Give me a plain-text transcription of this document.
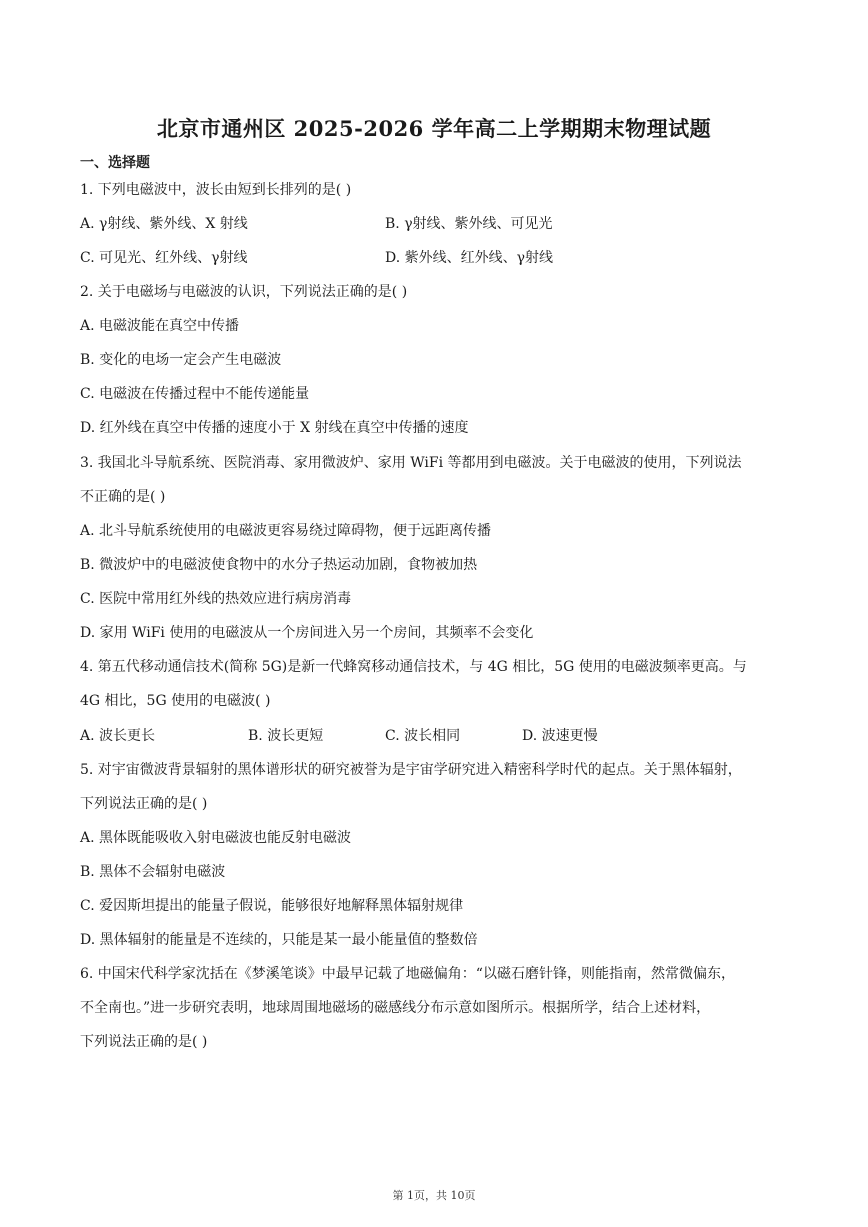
北京市通州区 2025-2026 学年高二上学期期末物理试题
一、选择题
1. 下列电磁波中，波长由短到长排列的是( )
A. γ射线、紫外线、X 射线	B. γ射线、紫外线、可见光
C. 可见光、红外线、γ射线	D. 紫外线、红外线、γ射线
2. 关于电磁场与电磁波的认识，下列说法正确的是( )
A. 电磁波能在真空中传播
B. 变化的电场一定会产生电磁波
C. 电磁波在传播过程中不能传递能量
D. 红外线在真空中传播的速度小于 X 射线在真空中传播的速度
3. 我国北斗导航系统、医院消毒、家用微波炉、家用 WiFi 等都用到电磁波。关于电磁波的使用，下列说法
不正确的是( )
A. 北斗导航系统使用的电磁波更容易绕过障碍物，便于远距离传播
B. 微波炉中的电磁波使食物中的水分子热运动加剧，食物被加热
C. 医院中常用红外线的热效应进行病房消毒
D. 家用 WiFi 使用的电磁波从一个房间进入另一个房间，其频率不会变化
4. 第五代移动通信技术(简称 5G)是新一代蜂窝移动通信技术，与 4G 相比，5G 使用的电磁波频率更高。与
4G 相比，5G 使用的电磁波( )
A. 波长更长	B. 波长更短	C. 波长相同	D. 波速更慢
5. 对宇宙微波背景辐射的黑体谱形状的研究被誉为是宇宙学研究进入精密科学时代的起点。关于黑体辐射，
下列说法正确的是( )
A. 黑体既能吸收入射电磁波也能反射电磁波
B. 黑体不会辐射电磁波
C. 爱因斯坦提出的能量子假说，能够很好地解释黑体辐射规律
D. 黑体辐射的能量是不连续的，只能是某一最小能量值的整数倍
6. 中国宋代科学家沈括在《梦溪笔谈》中最早记载了地磁偏角：“以磁石磨针锋，则能指南，然常微偏东，
不全南也。”进一步研究表明，地球周围地磁场的磁感线分布示意如图所示。根据所学，结合上述材料，
下列说法正确的是( )
第 1页，共 10页
